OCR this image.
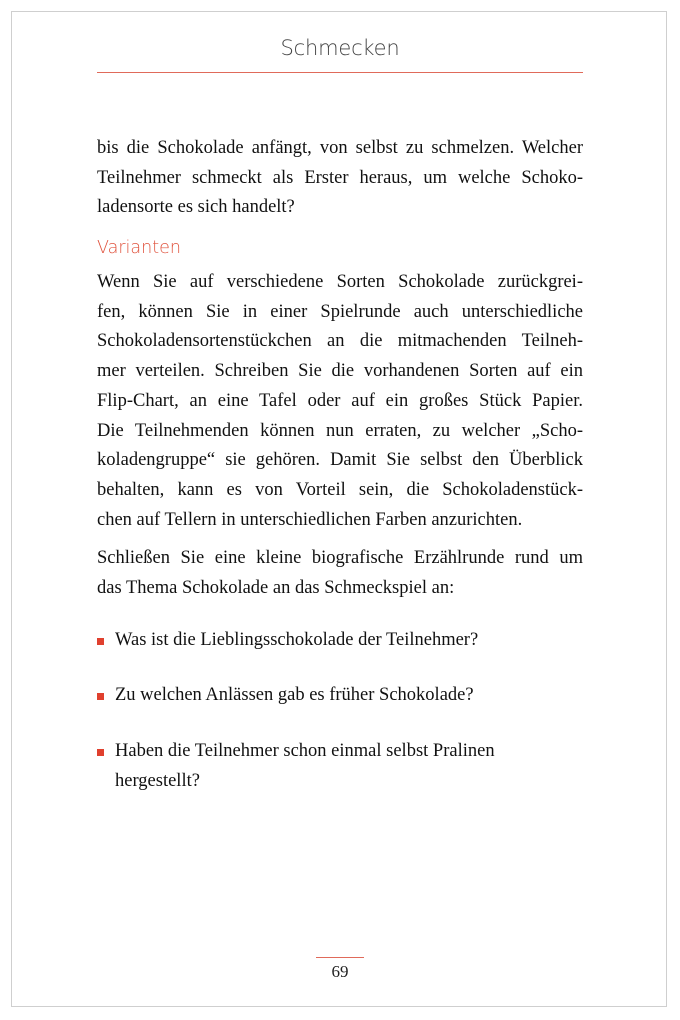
Schmecken
bis die Schokolade anfängt, von selbst zu schmelzen. Welcher
Teilnehmer schmeckt als Erster heraus, um welche Schoko-
ladensorte es sich handelt?
Varianten
Wenn Sie auf verschiedene Sorten Schokolade zurückgrei-
fen, können Sie in einer Spielrunde auch unterschiedliche
Schokoladensortenstückchen an die mitmachenden Teilneh-
mer verteilen. Schreiben Sie die vorhandenen Sorten auf ein
Flip-Chart, an eine Tafel oder auf ein großes Stück Papier.
Die Teilnehmenden können nun erraten, zu welcher „Scho-
koladengruppe“ sie gehören. Damit Sie selbst den Überblick
behalten, kann es von Vorteil sein, die Schokoladenstück-
chen auf Tellern in unterschiedlichen Farben anzurichten.
Schließen Sie eine kleine biografische Erzählrunde rund um
das Thema Schokolade an das Schmeckspiel an:
Was ist die Lieblingsschokolade der Teilnehmer?
Zu welchen Anlässen gab es früher Schokolade?
Haben die Teilnehmer schon einmal selbst Pralinen
hergestellt?
69
